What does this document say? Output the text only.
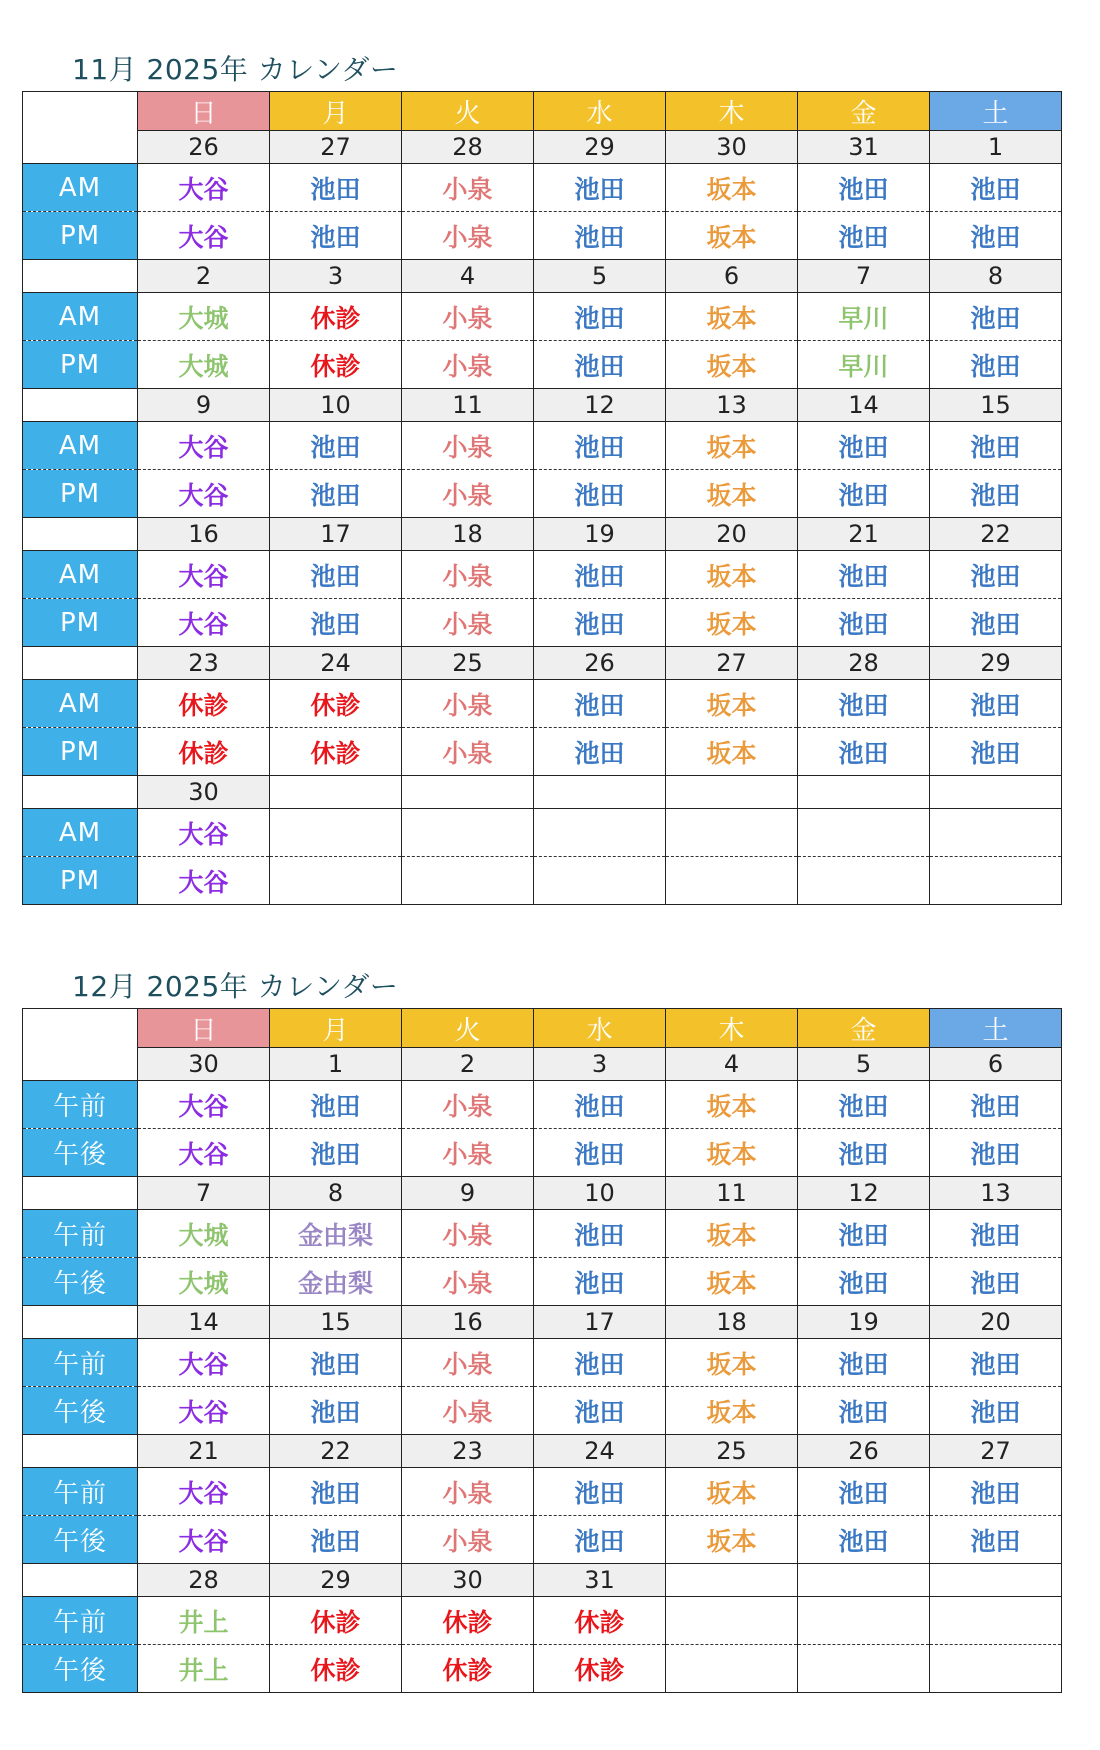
11月 2025年 カレンダー
	日	月	火	水	木	金	土
	26	27	28	29	30	31	1
AM	大谷	池田	小泉	池田	坂本	池田	池田
PM	大谷	池田	小泉	池田	坂本	池田	池田
	2	3	4	5	6	7	8
AM	大城	休診	小泉	池田	坂本	早川	池田
PM	大城	休診	小泉	池田	坂本	早川	池田
	9	10	11	12	13	14	15
AM	大谷	池田	小泉	池田	坂本	池田	池田
PM	大谷	池田	小泉	池田	坂本	池田	池田
	16	17	18	19	20	21	22
AM	大谷	池田	小泉	池田	坂本	池田	池田
PM	大谷	池田	小泉	池田	坂本	池田	池田
	23	24	25	26	27	28	29
AM	休診	休診	小泉	池田	坂本	池田	池田
PM	休診	休診	小泉	池田	坂本	池田	池田
	30						
AM	大谷						
PM	大谷						
12月 2025年 カレンダー
	日	月	火	水	木	金	土
	30	1	2	3	4	5	6
午前	大谷	池田	小泉	池田	坂本	池田	池田
午後	大谷	池田	小泉	池田	坂本	池田	池田
	7	8	9	10	11	12	13
午前	大城	金由梨	小泉	池田	坂本	池田	池田
午後	大城	金由梨	小泉	池田	坂本	池田	池田
	14	15	16	17	18	19	20
午前	大谷	池田	小泉	池田	坂本	池田	池田
午後	大谷	池田	小泉	池田	坂本	池田	池田
	21	22	23	24	25	26	27
午前	大谷	池田	小泉	池田	坂本	池田	池田
午後	大谷	池田	小泉	池田	坂本	池田	池田
	28	29	30	31			
午前	井上	休診	休診	休診			
午後	井上	休診	休診	休診			
